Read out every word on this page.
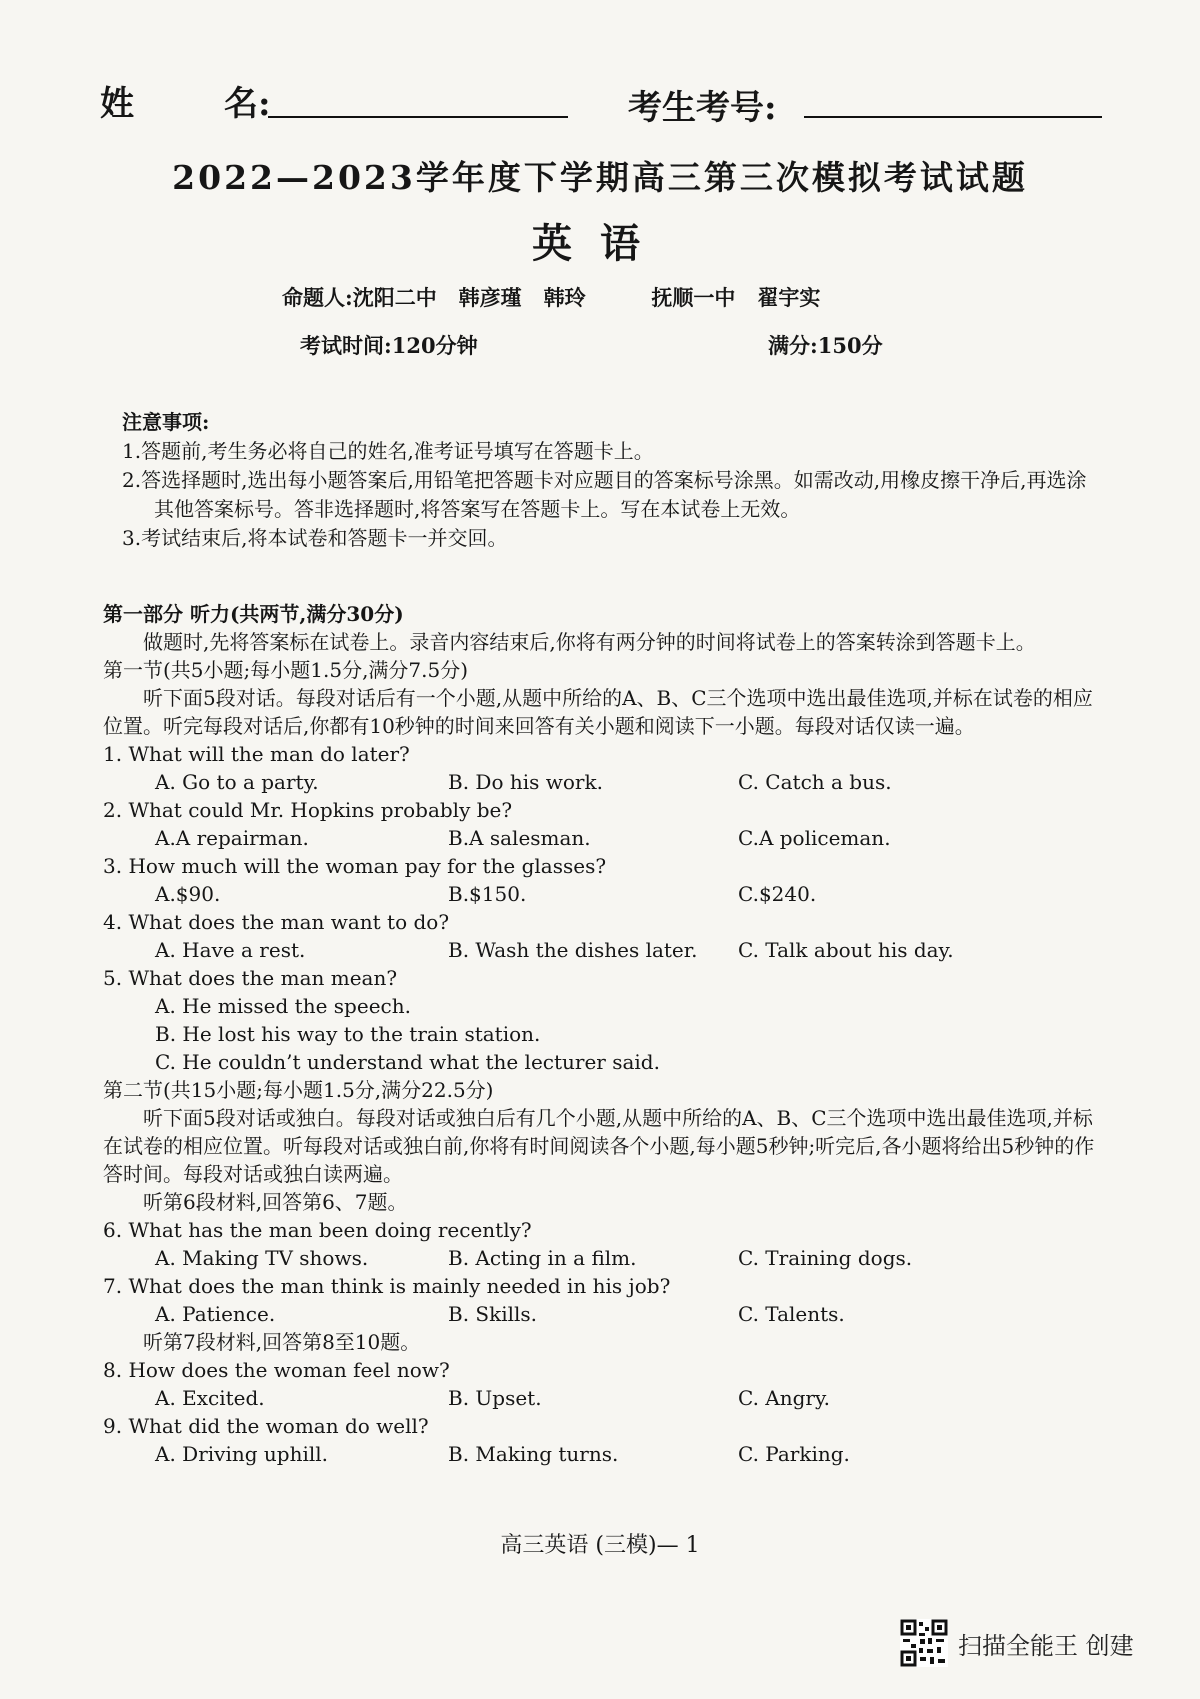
姓	名:	考生考号:
2022—2023学年度下学期高三第三次模拟考试试题
英语
命题人:沈阳二中   韩彦瑾   韩玲         抚顺一中   翟宇实
考试时间:120分钟	满分:150分
注意事项:
1.答题前,考生务必将自己的姓名,准考证号填写在答题卡上。
2.答选择题时,选出每小题答案后,用铅笔把答题卡对应题目的答案标号涂黑。如需改动,用橡皮擦干净后,再选涂其他答案标号。答非选择题时,将答案写在答题卡上。写在本试卷上无效。
3.考试结束后,将本试卷和答题卡一并交回。
第一部分 听力(共两节,满分30分)
做题时,先将答案标在试卷上。录音内容结束后,你将有两分钟的时间将试卷上的答案转涂到答题卡上。
第一节(共5小题;每小题1.5分,满分7.5分)
听下面5段对话。每段对话后有一个小题,从题中所给的A、B、C三个选项中选出最佳选项,并标在试卷的相应位置。听完每段对话后,你都有10秒钟的时间来回答有关小题和阅读下一小题。每段对话仅读一遍。
1. What will the man do later?
A. Go to a party.	B. Do his work.	C. Catch a bus.
2. What could Mr. Hopkins probably be?
A.A repairman.	B.A salesman.	C.A policeman.
3. How much will the woman pay for the glasses?
A.$90.	B.$150.	C.$240.
4. What does the man want to do?
A. Have a rest.	B. Wash the dishes later.	C. Talk about his day.
5. What does the man mean?
A. He missed the speech.
B. He lost his way to the train station.
C. He couldn’t understand what the lecturer said.
第二节(共15小题;每小题1.5分,满分22.5分)
听下面5段对话或独白。每段对话或独白后有几个小题,从题中所给的A、B、C三个选项中选出最佳选项,并标在试卷的相应位置。听每段对话或独白前,你将有时间阅读各个小题,每小题5秒钟;听完后,各小题将给出5秒钟的作答时间。每段对话或独白读两遍。
听第6段材料,回答第6、7题。
6. What has the man been doing recently?
A. Making TV shows.	B. Acting in a film.	C. Training dogs.
7. What does the man think is mainly needed in his job?
A. Patience.	B. Skills.	C. Talents.
听第7段材料,回答第8至10题。
8. How does the woman feel now?
A. Excited.	B. Upset.	C. Angry.
9. What did the woman do well?
A. Driving uphill.	B. Making turns.	C. Parking.
高三英语 (三模)— 1
扫描全能王 创建
